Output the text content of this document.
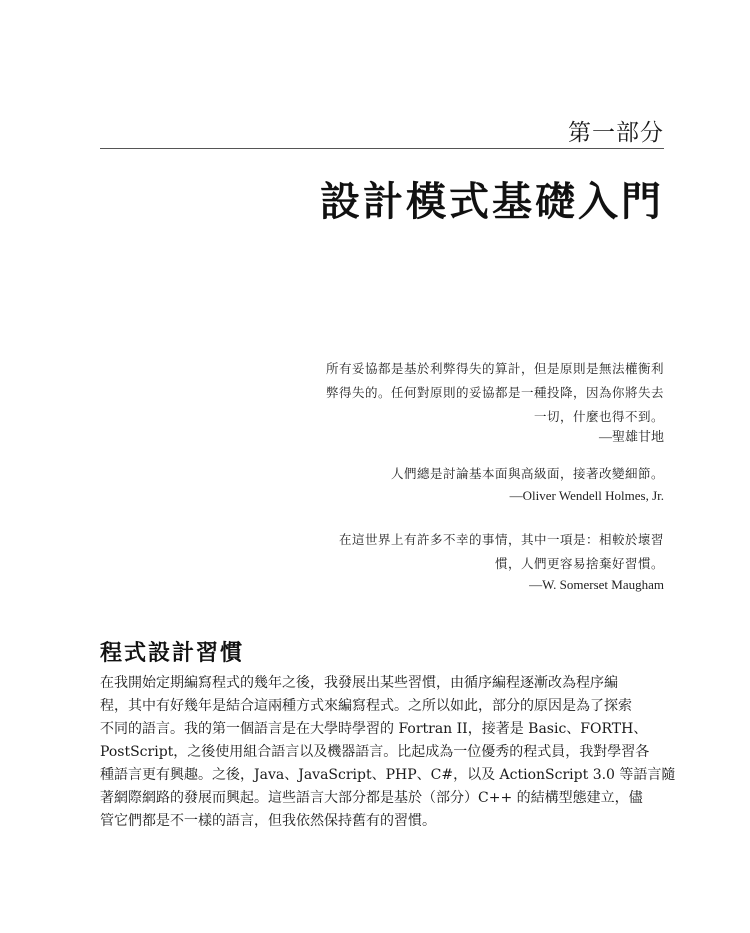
第一部分
設計模式基礎入門
所有妥協都是基於利弊得失的算計，但是原則是無法權衡利
弊得失的。任何對原則的妥協都是一種投降，因為你將失去
一切，什麼也得不到。
—聖雄甘地
人們總是討論基本面與高級面，接著改變細節。
—Oliver Wendell Holmes, Jr.
在這世界上有許多不幸的事情，其中一項是：相較於壞習
慣，人們更容易捨棄好習慣。
—W. Somerset Maugham
程式設計習慣
在我開始定期編寫程式的幾年之後，我發展出某些習慣，由循序編程逐漸改為程序編
程，其中有好幾年是結合這兩種方式來編寫程式。之所以如此，部分的原因是為了探索
不同的語言。我的第一個語言是在大學時學習的 Fortran II，接著是 Basic、FORTH、
PostScript，之後使用組合語言以及機器語言。比起成為一位優秀的程式員，我對學習各
種語言更有興趣。之後，Java、JavaScript、PHP、C#，以及 ActionScript 3.0 等語言隨
著網際網路的發展而興起。這些語言大部分都是基於（部分）C++ 的結構型態建立，儘
管它們都是不一樣的語言，但我依然保持舊有的習慣。
